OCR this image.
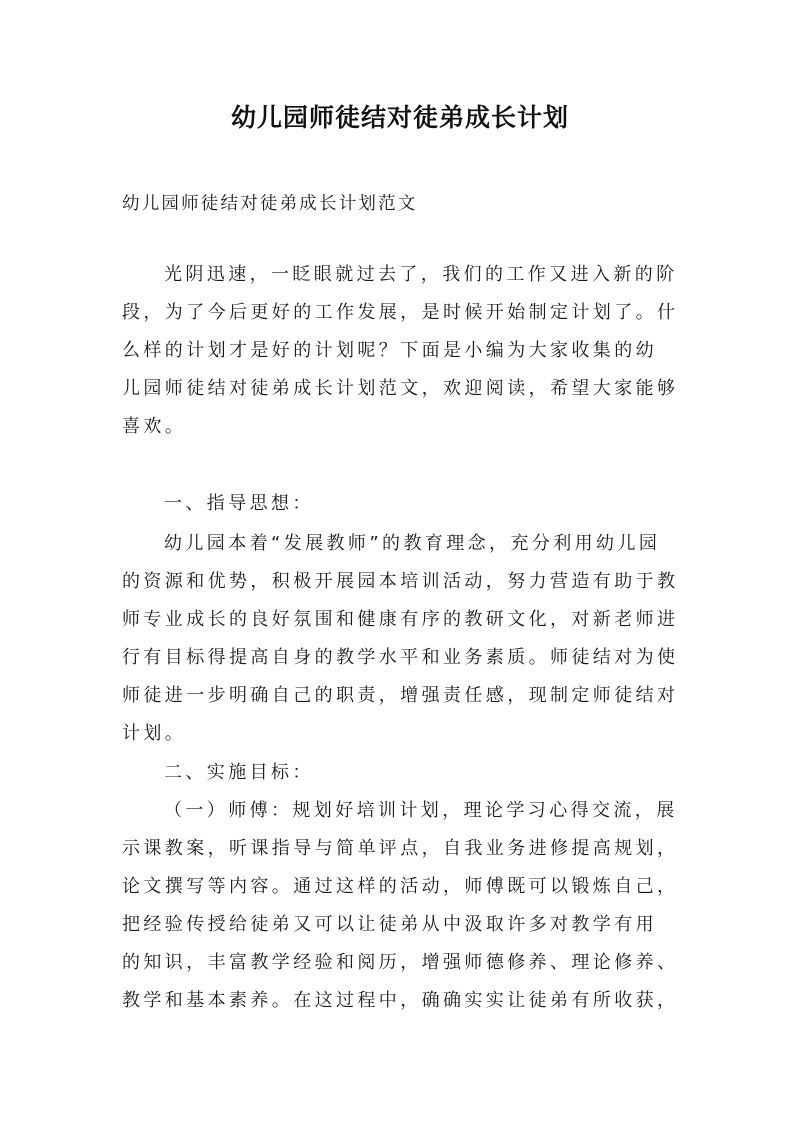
幼儿园师徒结对徒弟成长计划
幼儿园师徒结对徒弟成长计划范文
光阴迅速，一眨眼就过去了，我们的工作又进入新的阶
段，为了今后更好的工作发展，是时候开始制定计划了。什
么样的计划才是好的计划呢？下面是小编为大家收集的幼
儿园师徒结对徒弟成长计划范文，欢迎阅读，希望大家能够
喜欢。
一、指导思想：
幼儿园本着“发展教师”的教育理念，充分利用幼儿园
的资源和优势，积极开展园本培训活动，努力营造有助于教
师专业成长的良好氛围和健康有序的教研文化，对新老师进
行有目标得提高自身的教学水平和业务素质。师徒结对为使
师徒进一步明确自己的职责，增强责任感，现制定师徒结对
计划。
二、实施目标：
（一）师傅：规划好培训计划，理论学习心得交流，展
示课教案，听课指导与简单评点，自我业务进修提高规划，
论文撰写等内容。通过这样的活动，师傅既可以锻炼自己，
把经验传授给徒弟又可以让徒弟从中汲取许多对教学有用
的知识，丰富教学经验和阅历，增强师德修养、理论修养、
教学和基本素养。在这过程中，确确实实让徒弟有所收获，
